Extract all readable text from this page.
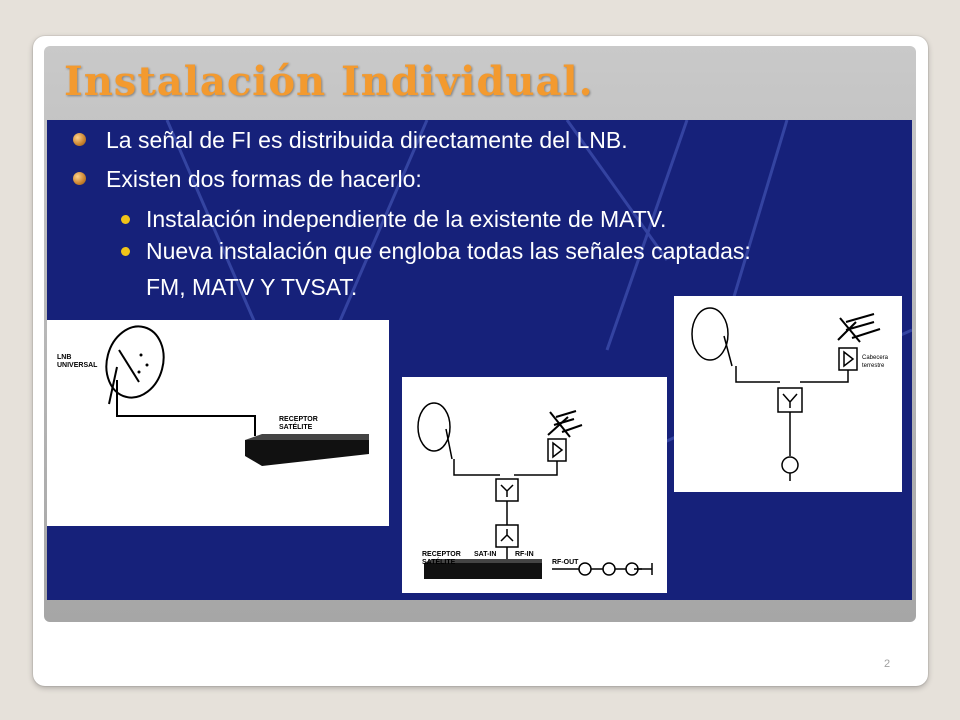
Instalación Individual.
La señal de FI es distribuida directamente del LNB.
Existen dos formas de hacerlo:
Instalación independiente de la existente de MATV.
Nueva instalación que engloba todas las señales captadas:
FM, MATV Y TVSAT.
LNB
UNIVERSAL
RECEPTOR
SATÉLITE
RECEPTOR
SATÉLITE
SAT-IN	RF-IN
RF-OUT
Cabecera
terrestre
2
